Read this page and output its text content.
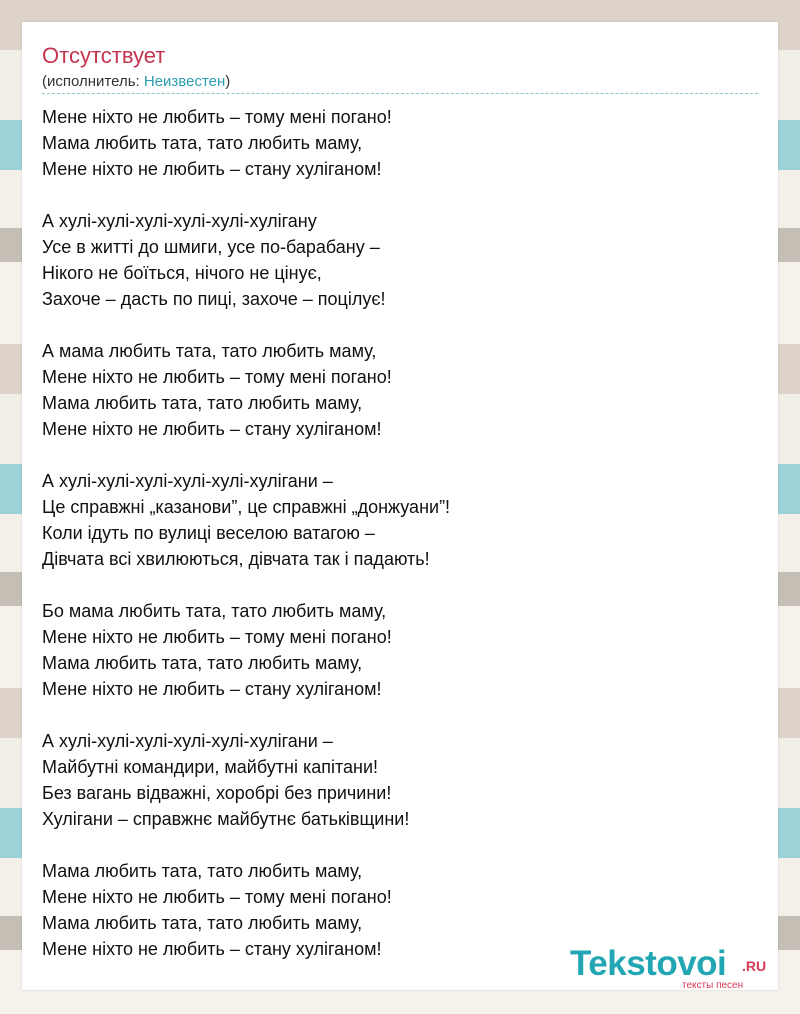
Отсутствует
(исполнитель: Неизвестен)
Мене ніхто не любить – тому мені погано!
Мама любить тата, тато любить маму,
Мене ніхто не любить – стану хуліганом!
А хулі-хулі-хулі-хулі-хулі-хулігану
Усе в житті до шмиги, усе по-барабану –
Нікого не боїться, нічого не цінує,
Захоче – дасть по пиці, захоче – поцілує!
А мама любить тата, тато любить маму,
Мене ніхто не любить – тому мені погано!
Мама любить тата, тато любить маму,
Мене ніхто не любить – стану хуліганом!
А хулі-хулі-хулі-хулі-хулі-хулігани –
Це справжні „казанови”, це справжні „донжуани”!
Коли ідуть по вулиці веселою ватагою –
Дівчата всі хвилюються, дівчата так і падають!
Бо мама любить тата, тато любить маму,
Мене ніхто не любить – тому мені погано!
Мама любить тата, тато любить маму,
Мене ніхто не любить – стану хуліганом!
А хулі-хулі-хулі-хулі-хулі-хулігани –
Майбутні командири, майбутні капітани!
Без вагань відважні, хоробрі без причини!
Хулігани – справжнє майбутнє батьківщини!
Мама любить тата, тато любить маму,
Мене ніхто не любить – тому мені погано!
Мама любить тата, тато любить маму,
Мене ніхто не любить – стану хуліганом!	Tekstovoi .RU
тексты песен
